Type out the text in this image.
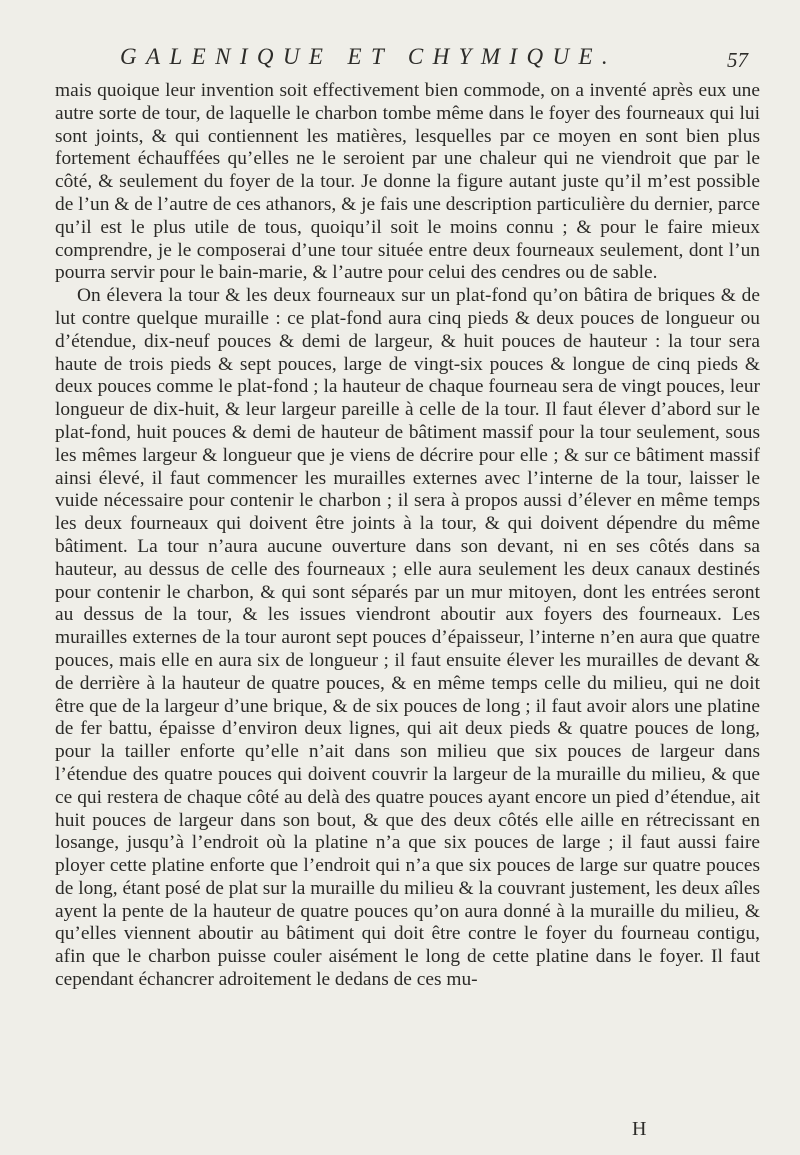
GALENIQUE ET CHYMIQUE.	57

mais quoique leur invention soit effectivement bien commode, on a inventé après eux une autre sorte de tour, de laquelle le charbon tombe même dans le foyer des fourneaux qui lui sont joints, & qui contiennent les matières, lesquelles par ce moyen en sont bien plus fortement échauffées qu’elles ne le seroient par une chaleur qui ne viendroit que par le côté, & seulement du foyer de la tour. Je donne la figure autant juste qu’il m’est possible de l’un & de l’autre de ces athanors, & je fais une description particulière du dernier, parce qu’il est le plus utile de tous, quoiqu’il soit le moins connu ; & pour le faire mieux comprendre, je le composerai d’une tour située entre deux fourneaux seulement, dont l’un pourra servir pour le bain-marie, & l’autre pour celui des cendres ou de sable.

On élevera la tour & les deux fourneaux sur un plat-fond qu’on bâtira de briques & de lut contre quelque muraille : ce plat-fond aura cinq pieds & deux pouces de longueur ou d’étendue, dix-neuf pouces & demi de largeur, & huit pouces de hauteur : la tour sera haute de trois pieds & sept pouces, large de vingt-six pouces & longue de cinq pieds & deux pouces comme le plat-fond ; la hauteur de chaque fourneau sera de vingt pouces, leur longueur de dix-huit, & leur largeur pareille à celle de la tour. Il faut élever d’abord sur le plat-fond, huit pouces & demi de hauteur de bâtiment massif pour la tour seulement, sous les mêmes largeur & longueur que je viens de décrire pour elle ; & sur ce bâtiment massif ainsi élevé, il faut commencer les murailles externes avec l’interne de la tour, laisser le vuide nécessaire pour contenir le charbon ; il sera à propos aussi d’élever en même temps les deux fourneaux qui doivent être joints à la tour, & qui doivent dépendre du même bâtiment. La tour n’aura aucune ouverture dans son devant, ni en ses côtés dans sa hauteur, au dessus de celle des fourneaux ; elle aura seulement les deux canaux destinés pour contenir le charbon, & qui sont séparés par un mur mitoyen, dont les entrées seront au dessus de la tour, & les issues viendront aboutir aux foyers des fourneaux. Les murailles externes de la tour auront sept pouces d’épaisseur, l’interne n’en aura que quatre pouces, mais elle en aura six de longueur ; il faut ensuite élever les murailles de devant & de derrière à la hauteur de quatre pouces, & en même temps celle du milieu, qui ne doit être que de la largeur d’une brique, & de six pouces de long ; il faut avoir alors une platine de fer battu, épaisse d’environ deux lignes, qui ait deux pieds & quatre pouces de long, pour la tailler enforte qu’elle n’ait dans son milieu que six pouces de largeur dans l’étendue des quatre pouces qui doivent couvrir la largeur de la muraille du milieu, & que ce qui restera de chaque côté au delà des quatre pouces ayant encore un pied d’étendue, ait huit pouces de largeur dans son bout, & que des deux côtés elle aille en rétrecissant en losange, jusqu’à l’endroit où la platine n’a que six pouces de large ; il faut aussi faire ployer cette platine enforte que l’endroit qui n’a que six pouces de large sur quatre pouces de long, étant posé de plat sur la muraille du milieu & la couvrant justement, les deux aîles ayent la pente de la hauteur de quatre pouces qu’on aura donné à la muraille du milieu, & qu’elles viennent aboutir au bâtiment qui doit être contre le foyer du fourneau contigu, afin que le charbon puisse couler aisément le long de cette platine dans le foyer. Il faut cependant échancrer adroitement le dedans de ces mu-

H
